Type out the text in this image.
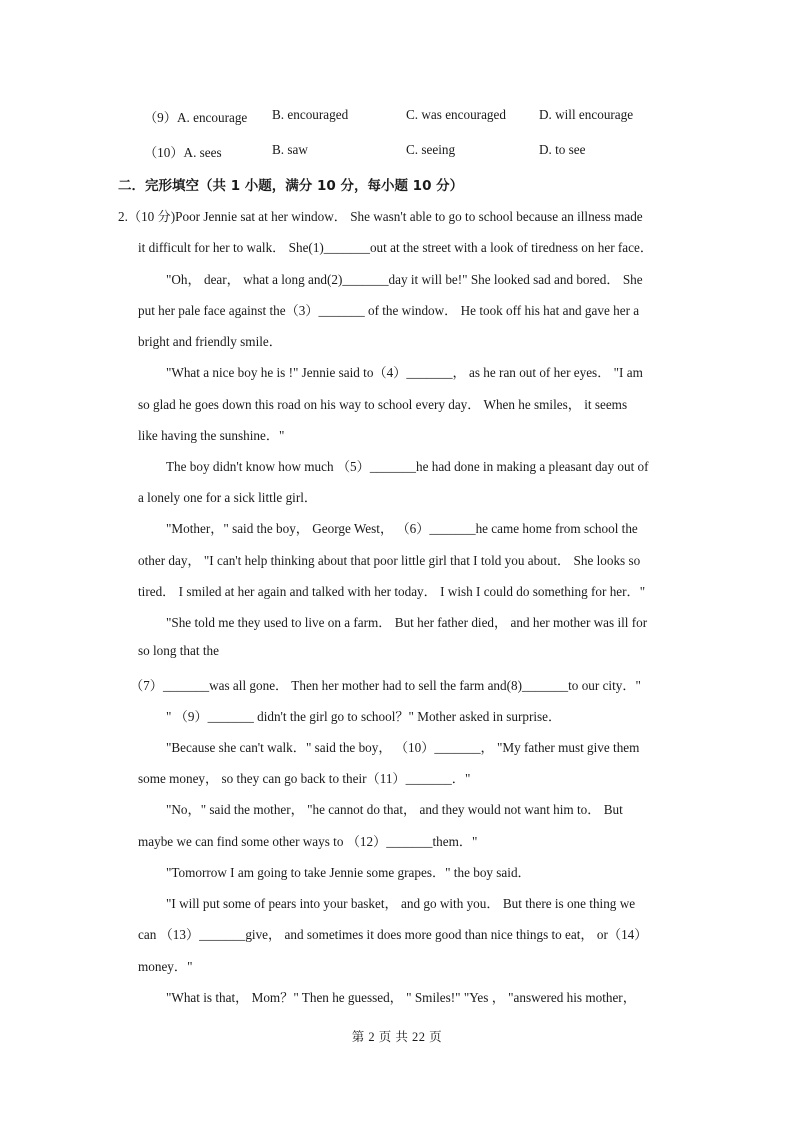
（9）A. encourage B. encouraged	C. was encouraged	D. will encourage
（10）A. sees	B. saw	C. seeing	D. to see
二．完形填空（共 1 小题，满分 10 分，每小题 10 分）
2.（10 分)Poor Jennie sat at her window． She wasn't able to go to school because an illness made
it difficult for her to walk． She(1)_______out at the street with a look of tiredness on her face．
"Oh， dear， what a long and(2)_______day it will be!" She looked sad and bored． She
put her pale face against the（3）_______ of the window． He took off his hat and gave her a
bright and friendly smile．
"What a nice boy he is !" Jennie said to（4）_______， as he ran out of her eyes． "I am
so glad he goes down this road on his way to school every day． When he smiles， it seems
like having the sunshine．"
The boy didn't know how much （5）_______he had done in making a pleasant day out of
a lonely one for a sick little girl．
"Mother，" said the boy， George West， （6）_______he came home from school the
other day， "I can't help thinking about that poor little girl that I told you about． She looks so
tired． I smiled at her again and talked with her today． I wish I could do something for her．"
"She told me they used to live on a farm． But her father died， and her mother was ill for
so long that the
（7）_______was all gone． Then her mother had to sell the farm and(8)_______to our city．"
" （9）_______ didn't the girl go to school？" Mother asked in surprise．
"Because she can't walk．" said the boy， （10）_______， "My father must give them
some money， so they can go back to their（11）_______．"
"No，" said the mother， "he cannot do that， and they would not want him to． But
maybe we can find some other ways to （12）_______them．"
"Tomorrow I am going to take Jennie some grapes．" the boy said．
"I will put some of pears into your basket， and go with you． But there is one thing we
can （13）_______give， and sometimes it does more good than nice things to eat， or（14）
money．"
"What is that， Mom？" Then he guessed， " Smiles!" "Yes ， "answered his mother，
第 2 页 共 22 页
